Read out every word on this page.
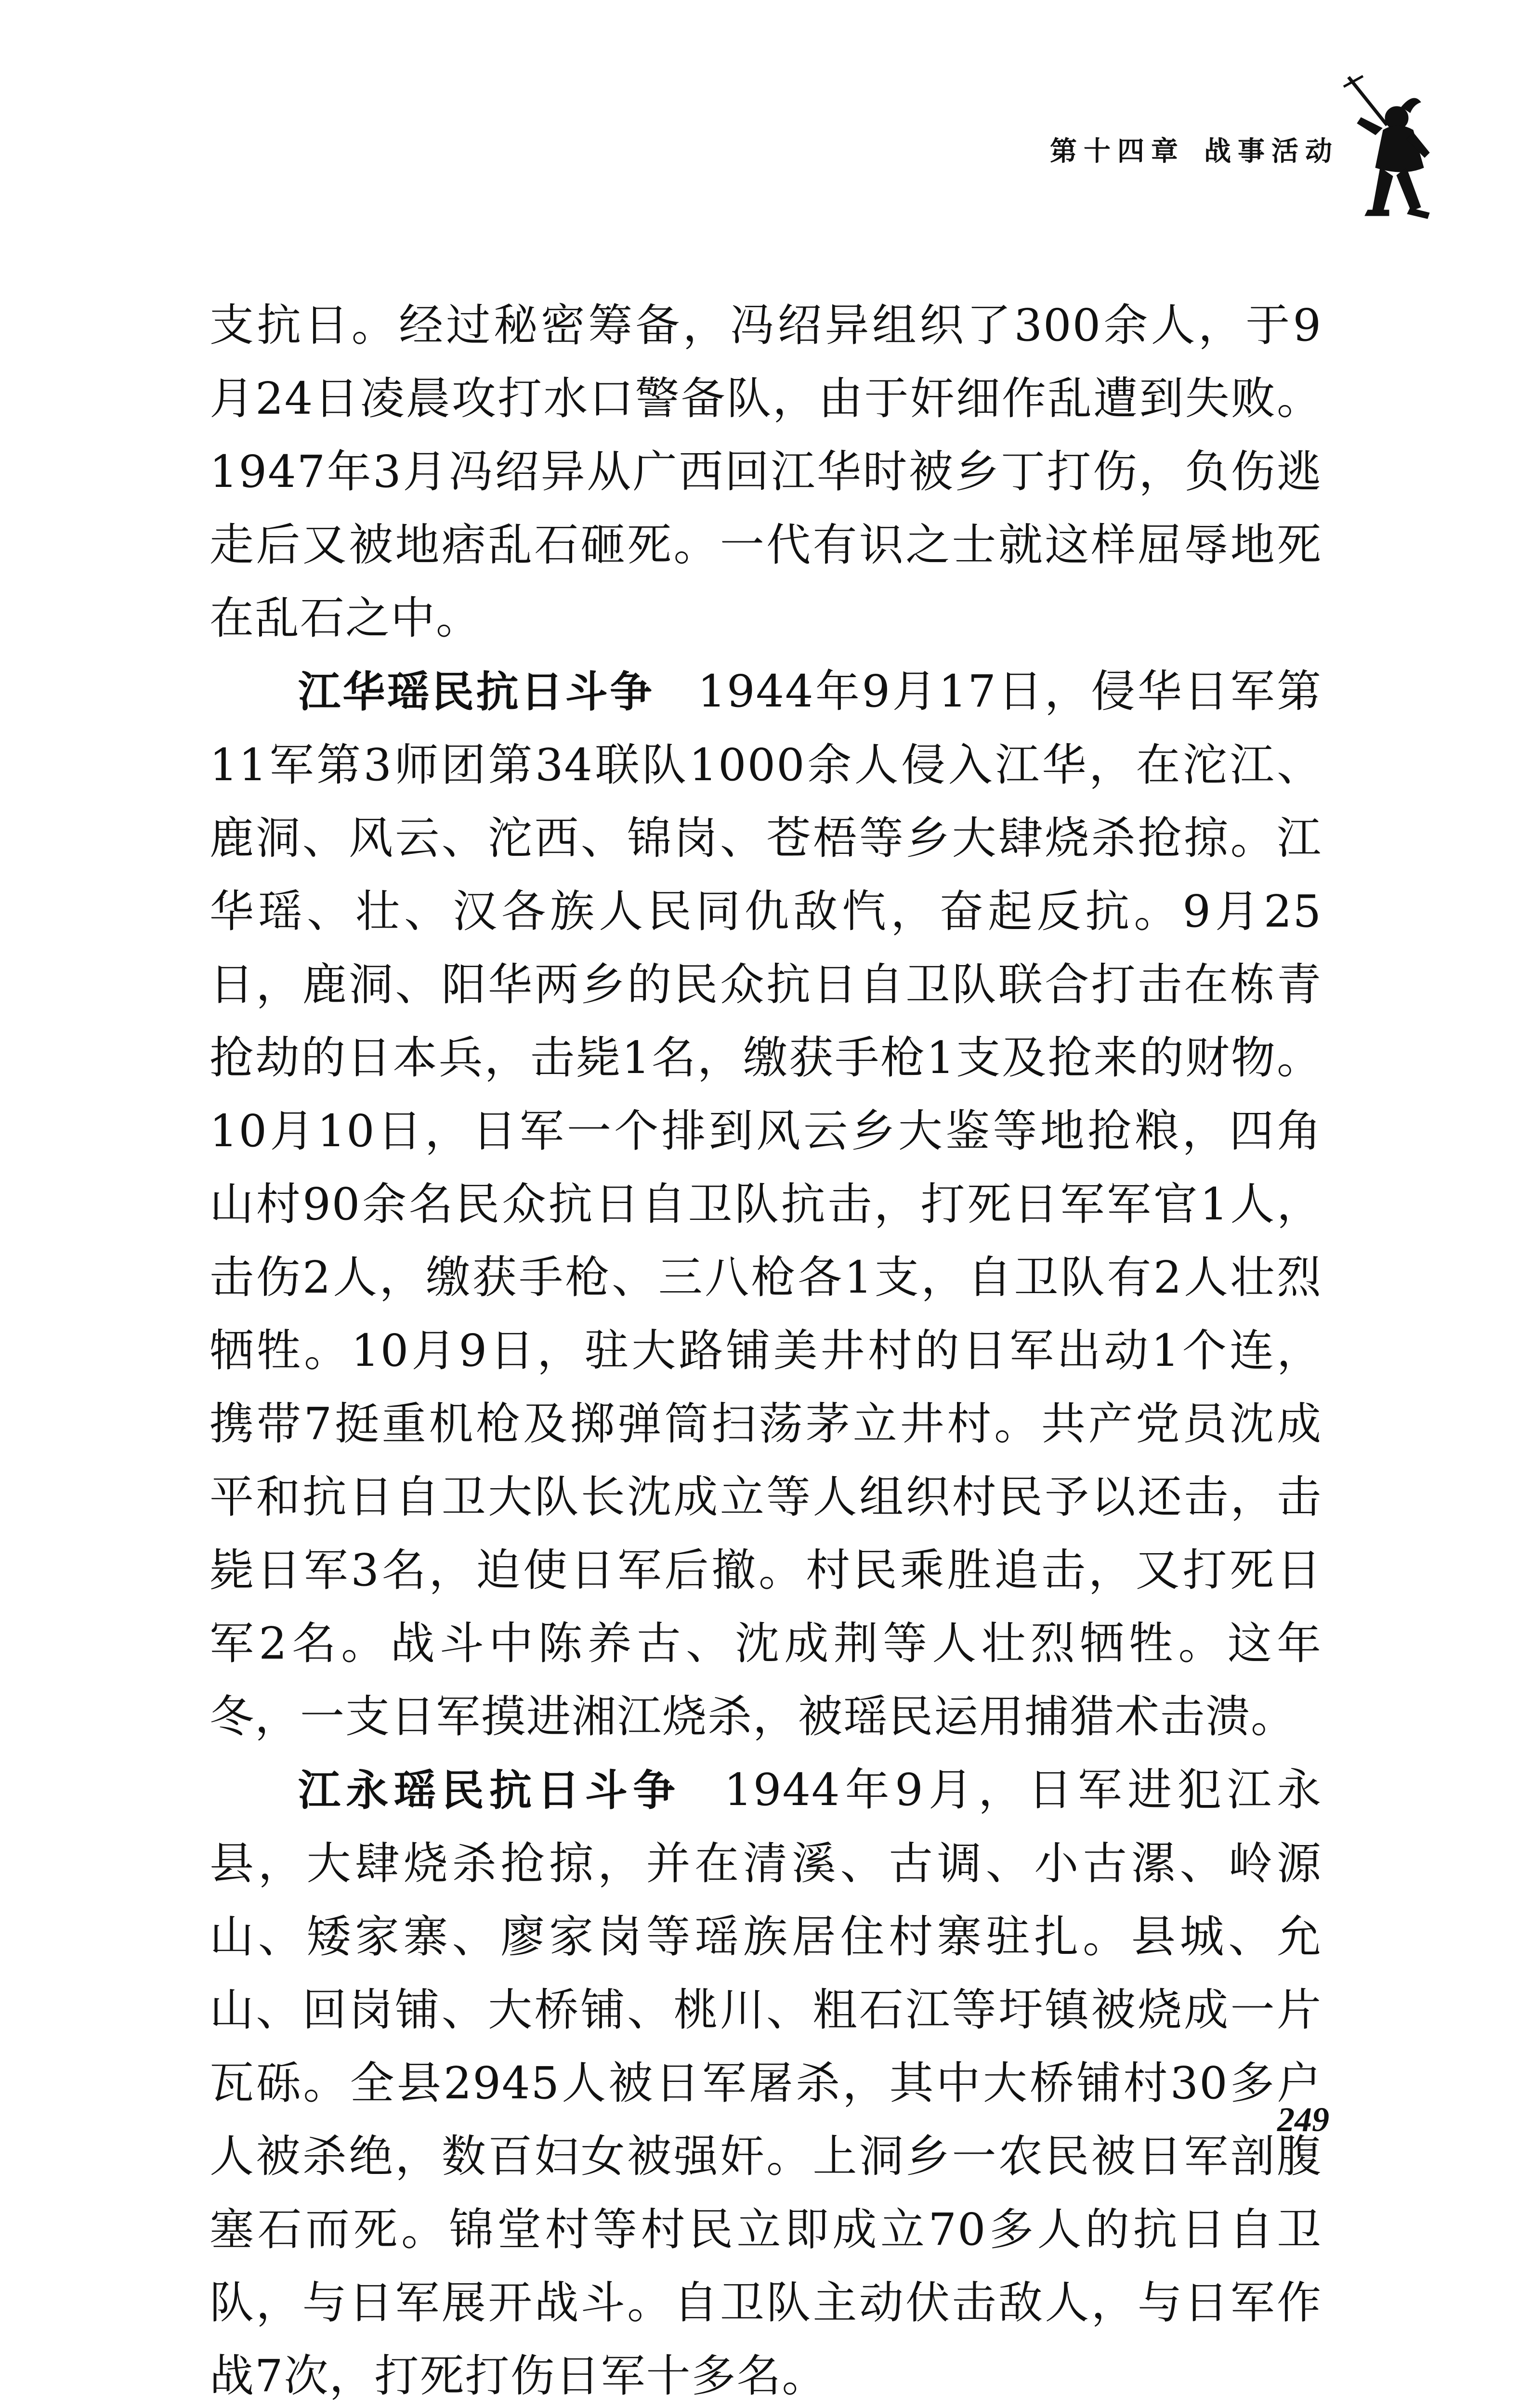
第十四章 战事活动

支抗日。经过秘密筹备，冯绍异组织了300余人，于9月24日凌晨攻打水口警备队，由于奸细作乱遭到失败。1947年3月冯绍异从广西回江华时被乡丁打伤，负伤逃走后又被地痞乱石砸死。一代有识之士就这样屈辱地死在乱石之中。

江华瑶民抗日斗争 1944年9月17日，侵华日军第11军第3师团第34联队1000余人侵入江华，在沱江、鹿洞、风云、沱西、锦岗、苍梧等乡大肆烧杀抢掠。江华瑶、壮、汉各族人民同仇敌忾，奋起反抗。9月25日，鹿洞、阳华两乡的民众抗日自卫队联合打击在栋青抢劫的日本兵，击毙1名，缴获手枪1支及抢来的财物。10月10日，日军一个排到风云乡大鉴等地抢粮，四角山村90余名民众抗日自卫队抗击，打死日军军官1人，击伤2人，缴获手枪、三八枪各1支，自卫队有2人壮烈牺牲。10月9日，驻大路铺美井村的日军出动1个连，携带7挺重机枪及掷弹筒扫荡茅立井村。共产党员沈成平和抗日自卫大队长沈成立等人组织村民予以还击，击毙日军3名，迫使日军后撤。村民乘胜追击，又打死日军2名。战斗中陈养古、沈成荆等人壮烈牺牲。这年冬，一支日军摸进湘江烧杀，被瑶民运用捕猎术击溃。

江永瑶民抗日斗争 1944年9月，日军进犯江永县，大肆烧杀抢掠，并在清溪、古调、小古漯、岭源山、矮家寨、廖家岗等瑶族居住村寨驻扎。县城、允山、回岗铺、大桥铺、桃川、粗石江等圩镇被烧成一片瓦砾。全县2945人被日军屠杀，其中大桥铺村30多户人被杀绝，数百妇女被强奸。上洞乡一农民被日军剖腹塞石而死。锦堂村等村民立即成立70多人的抗日自卫队，与日军展开战斗。自卫队主动伏击敌人，与日军作战7次，打死打伤日军十多名。

249
